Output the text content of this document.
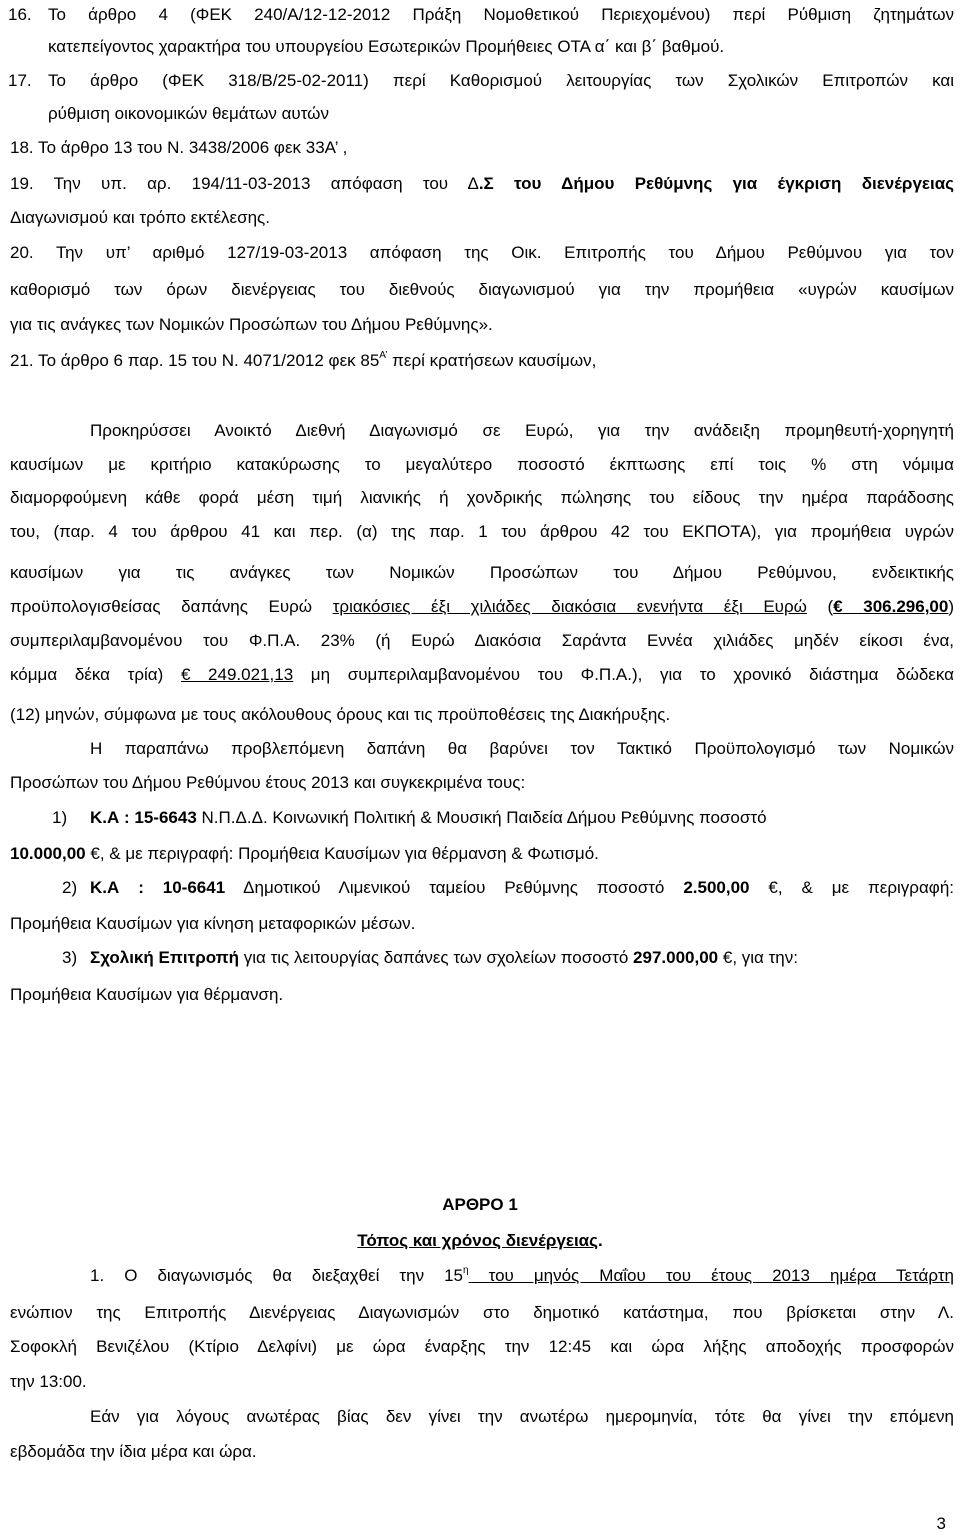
16. Το άρθρο 4 (ΦΕΚ 240/Α/12-12-2012 Πράξη Νομοθετικού Περιεχομένου) περί Ρύθμιση ζητημάτων
κατεπείγοντος χαρακτήρα του υπουργείου Εσωτερικών Προμήθειες ΟΤΑ α΄ και β΄ βαθμού.
17. Το άρθρο (ΦΕΚ 318/Β/25-02-2011) περί Καθορισμού λειτουργίας των Σχολικών Επιτροπών και
ρύθμιση οικονομικών θεμάτων αυτών
18. Το άρθρο 13 του Ν. 3438/2006 φεκ 33Α’ ,
19. Την υπ. αρ. 194/11-03-2013 απόφαση του Δ.Σ του Δήμου Ρεθύμνης για έγκριση διενέργειας
Διαγωνισμού και τρόπο εκτέλεσης.
20. Την υπ’ αριθμό 127/19-03-2013 απόφαση της Οικ. Επιτροπής του Δήμου Ρεθύμνου για τον
καθορισμό των όρων διενέργειας του διεθνούς διαγωνισμού για την προμήθεια «υγρών καυσίμων
για τις ανάγκες των Νομικών Προσώπων του Δήμου Ρεθύμνης».
21. Το άρθρο 6 παρ. 15 του Ν. 4071/2012 φεκ $85^{A’}$ περί κρατήσεων καυσίμων,
Προκηρύσσει Ανοικτό Διεθνή Διαγωνισμό σε Ευρώ, για την ανάδειξη προμηθευτή-χορηγητή
καυσίμων με κριτήριο κατακύρωσης το μεγαλύτερο ποσοστό έκπτωσης επί τοις % στη νόμιμα
διαμορφούμενη κάθε φορά μέση τιμή λιανικής ή χονδρικής πώλησης του είδους την ημέρα παράδοσης
του, (παρ. 4 του άρθρου 41 και περ. (α) της παρ. 1 του άρθρου 42 του ΕΚΠΟΤΑ), για προμήθεια υγρών
καυσίμων για τις ανάγκες των Νομικών Προσώπων του Δήμου Ρεθύμνου, ενδεικτικής
προϋπολογισθείσας δαπάνης Ευρώ τριακόσιες έξι χιλιάδες διακόσια ενενήντα έξι Ευρώ (€ 306.296,00)
συμπεριλαμβανομένου του Φ.Π.Α. 23% (ή Ευρώ Διακόσια Σαράντα Εννέα χιλιάδες μηδέν είκοσι ένα,
κόμμα δέκα τρία) € 249.021,13 μη συμπεριλαμβανομένου του Φ.Π.Α.), για το χρονικό διάστημα δώδεκα
(12) μηνών, σύμφωνα με τους ακόλουθους όρους και τις προϋποθέσεις της Διακήρυξης.
Η παραπάνω προβλεπόμενη δαπάνη θα βαρύνει τον Τακτικό Προϋπολογισμό των Νομικών
Προσώπων του Δήμου Ρεθύμνου έτους 2013 και συγκεκριμένα τους:
1)	Κ.Α : 15-6643 Ν.Π.Δ.Δ. Κοινωνική Πολιτική & Μουσική Παιδεία Δήμου Ρεθύμνης ποσοστό
10.000,00 €, & με περιγραφή: Προμήθεια Καυσίμων για θέρμανση & Φωτισμό.
2) Κ.Α : 10-6641 Δημοτικού Λιμενικού ταμείου Ρεθύμνης ποσοστό 2.500,00 €, & με περιγραφή:
Προμήθεια Καυσίμων για κίνηση μεταφορικών μέσων.
3) Σχολική Επιτροπή για τις λειτουργίας δαπάνες των σχολείων ποσοστό 297.000,00 €, για την:
Προμήθεια Καυσίμων για θέρμανση.
ΑΡΘΡΟ 1
Τόπος και χρόνος διενέργειας.
1. Ο διαγωνισμός θα διεξαχθεί την $15^\eta$ του μηνός Μαΐου του έτους 2013 ημέρα Τετάρτη
ενώπιον της Επιτροπής Διενέργειας Διαγωνισμών στο δημοτικό κατάστημα, που βρίσκεται στην Λ.
Σοφοκλή Βενιζέλου (Κτίριο Δελφίνι) με ώρα έναρξης την 12:45 και ώρα λήξης αποδοχής προσφορών
την 13:00.
Εάν για λόγους ανωτέρας βίας δεν γίνει την ανωτέρω ημερομηνία, τότε θα γίνει την επόμενη
εβδομάδα την ίδια μέρα και ώρα.
3
